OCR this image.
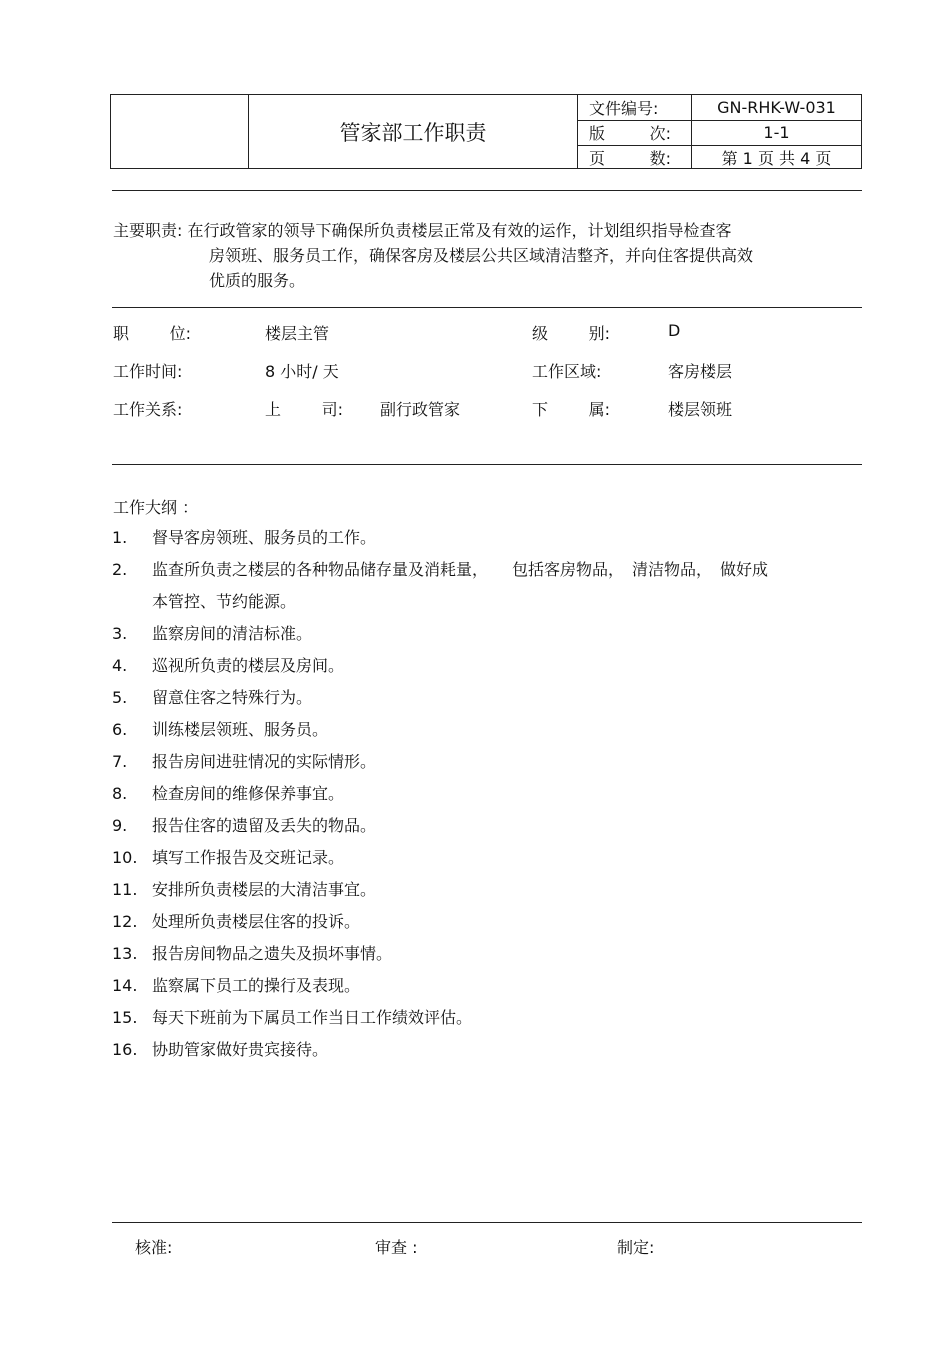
管家部工作职责
文件编号:	GN-RHK-W-031
版	次:	1-1
页	数:	第 1 页 共 4 页
主要职责: 在行政管家的领导下确保所负责楼层正常及有效的运作，计划组织指导检查客
房领班、服务员工作，确保客房及楼层公共区域清洁整齐，并向住客提供高效
优质的服务。
职	位:	楼层主管	级	别:	D
工作时间:	8 小时/ 天	工作区域:	客房楼层
工作关系:	上	司: 副行政管家	下	属:	楼层领班
工作大纲 ：
1. 督导客房领班、服务员的工作。
2. 监查所负责之楼层的各种物品储存量及消耗量，　　包括客房物品，　清洁物品，　做好成
本管控、节约能源。
3. 监察房间的清洁标准。
4. 巡视所负责的楼层及房间。
5. 留意住客之特殊行为。
6. 训练楼层领班、服务员。
7. 报告房间进驻情况的实际情形。
8. 检查房间的维修保养事宜。
9. 报告住客的遗留及丢失的物品。
10. 填写工作报告及交班记录。
11. 安排所负责楼层的大清洁事宜。
12. 处理所负责楼层住客的投诉。
13. 报告房间物品之遗失及损坏事情。
14. 监察属下员工的操行及表现。
15. 每天下班前为下属员工作当日工作绩效评估。
16. 协助管家做好贵宾接待。
核准:	审查 :	制定:
